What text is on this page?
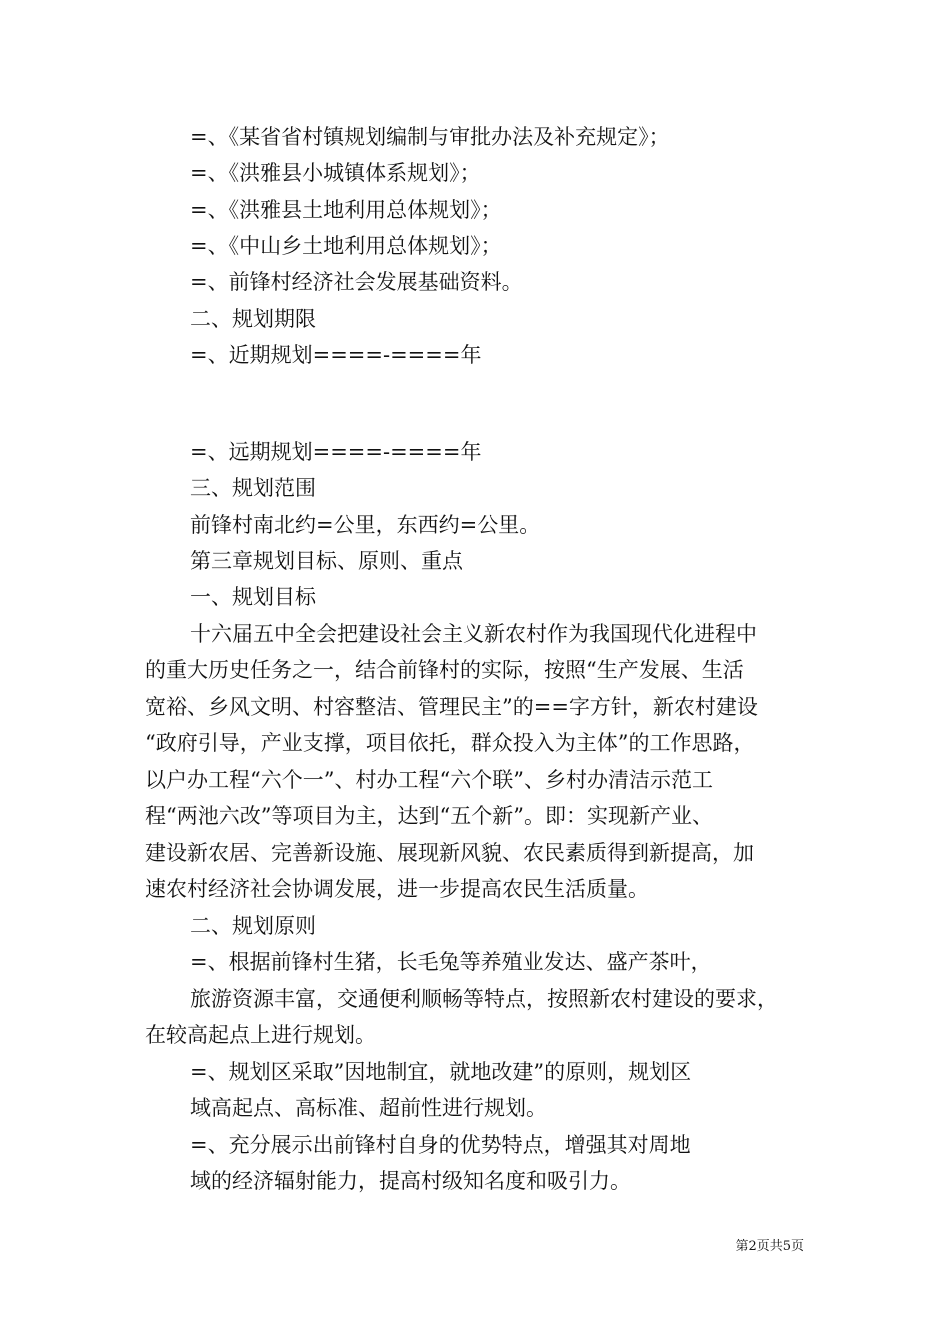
=、《某省省村镇规划编制与审批办法及补充规定》；
=、《洪雅县小城镇体系规划》；
=、《洪雅县土地利用总体规划》；
=、《中山乡土地利用总体规划》；
=、前锋村经济社会发展基础资料。
二、规划期限
=、近期规划====-====年
=、远期规划====-====年
三、规划范围
前锋村南北约=公里，东西约=公里。
第三章规划目标、原则、重点
一、规划目标
十六届五中全会把建设社会主义新农村作为我国现代化进程中
的重大历史任务之一，结合前锋村的实际，按照“生产发展、生活
宽裕、乡风文明、村容整洁、管理民主”的==字方针，新农村建设
“政府引导，产业支撑，项目依托，群众投入为主体”的工作思路，
以户办工程“六个一”、村办工程“六个联”、乡村办清洁示范工
程“两池六改”等项目为主，达到“五个新”。即：实现新产业、
建设新农居、完善新设施、展现新风貌、农民素质得到新提高，加
速农村经济社会协调发展，进一步提高农民生活质量。
二、规划原则
=、根据前锋村生猪，长毛兔等养殖业发达、盛产茶叶，
旅游资源丰富，交通便利顺畅等特点，按照新农村建设的要求，
在较高起点上进行规划。
=、规划区采取”因地制宜，就地改建”的原则，规划区
域高起点、高标准、超前性进行规划。
=、充分展示出前锋村自身的优势特点，增强其对周地
域的经济辐射能力，提高村级知名度和吸引力。
第2页共5页
